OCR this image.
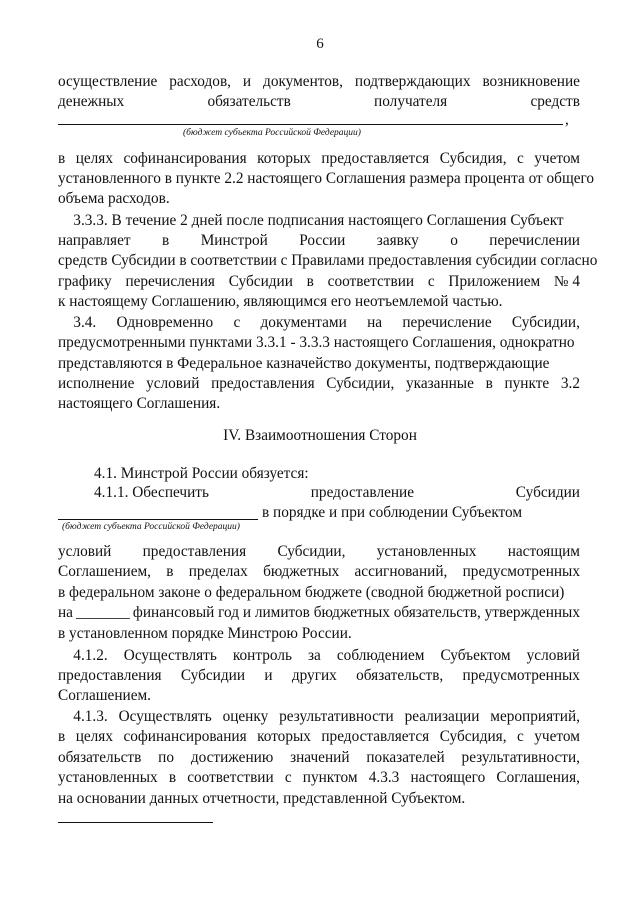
6
осуществление расходов, и документов, подтверждающих возникновение
денежных	обязательств	получателя	средств
,
(бюджет субъекта Российской Федерации)
в целях софинансирования которых предоставляется Субсидия, с учетом
установленного в пункте 2.2 настоящего Соглашения размера процента от общего
объема расходов.
3.3.3. В течение 2 дней после подписания настоящего Соглашения Субъект
направляет в Минстрой России заявку о перечислении
средств Субсидии в соответствии с Правилами предоставления субсидии согласно
графику перечисления Субсидии в соответствии с Приложением № 4
к настоящему Соглашению, являющимся его неотъемлемой частью.
3.4. Одновременно с документами на перечисление Субсидии,
предусмотренными пунктами 3.3.1 - 3.3.3 настоящего Соглашения, однократно
представляются в Федеральное казначейство документы, подтверждающие
исполнение условий предоставления Субсидии, указанные в пункте 3.2
настоящего Соглашения.
IV. Взаимоотношения Сторон
4.1. Минстрой России обязуется:
4.1.1. Обеспечить	предоставление	Субсидии
в порядке и при соблюдении Субъектом
(бюджет субъекта Российской Федерации)
условий предоставления Субсидии, установленных настоящим
Соглашением, в пределах бюджетных ассигнований, предусмотренных
в федеральном законе о федеральном бюджете (сводной бюджетной росписи)
на _______ финансовый год и лимитов бюджетных обязательств, утвержденных
в установленном порядке Минстрою России.
4.1.2. Осуществлять контроль за соблюдением Субъектом условий
предоставления Субсидии и других обязательств, предусмотренных
Соглашением.
4.1.3. Осуществлять оценку результативности реализации мероприятий,
в целях софинансирования которых предоставляется Субсидия, с учетом
обязательств по достижению значений показателей результативности,
установленных в соответствии с пунктом 4.3.3 настоящего Соглашения,
на основании данных отчетности, представленной Субъектом.
